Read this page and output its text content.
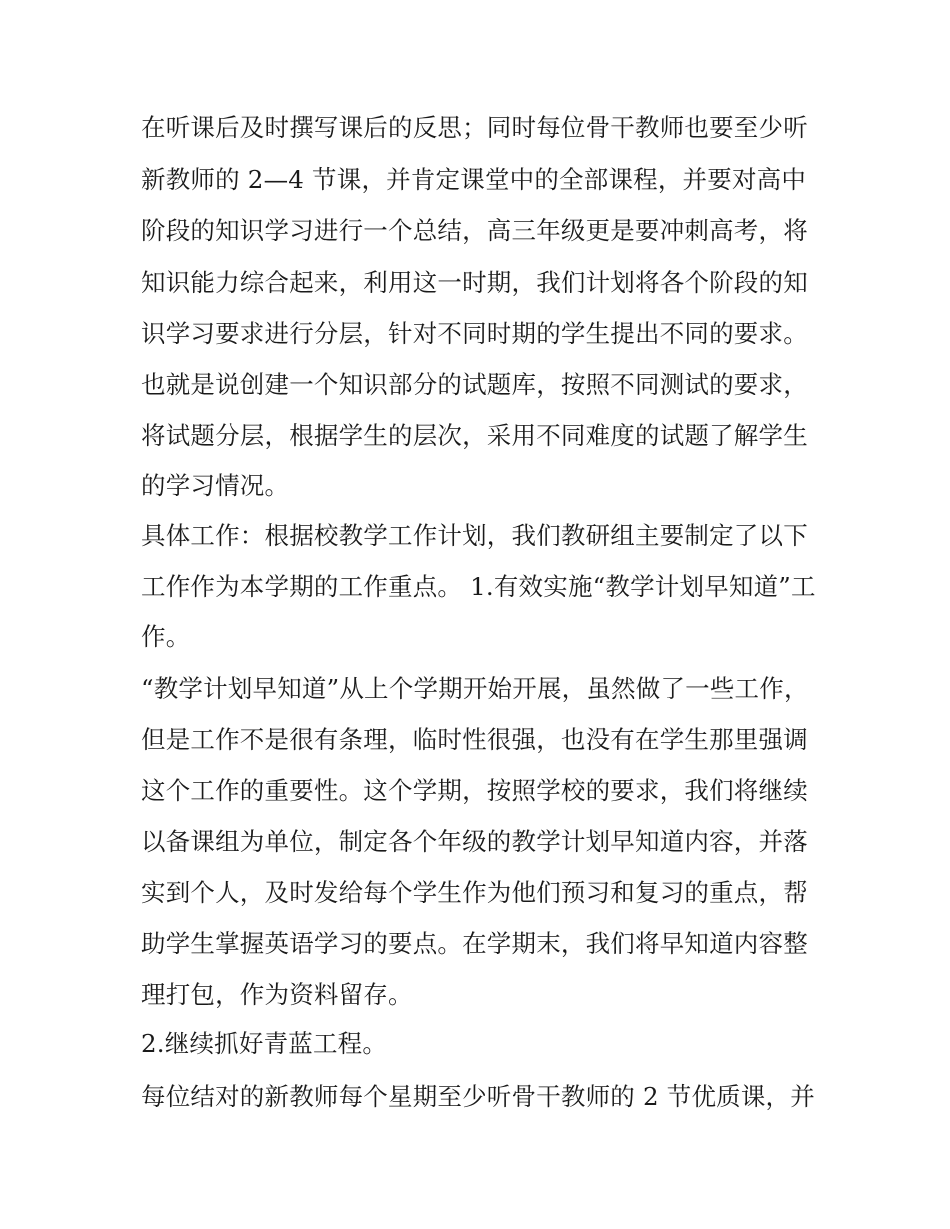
在听课后及时撰写课后的反思；同时每位骨干教师也要至少听
新教师的 2—4 节课，并肯定课堂中的全部课程，并要对高中
阶段的知识学习进行一个总结，高三年级更是要冲刺高考，将
知识能力综合起来，利用这一时期，我们计划将各个阶段的知
识学习要求进行分层，针对不同时期的学生提出不同的要求。
也就是说创建一个知识部分的试题库，按照不同测试的要求，
将试题分层，根据学生的层次，采用不同难度的试题了解学生
的学习情况。
具体工作：根据校教学工作计划，我们教研组主要制定了以下
工作作为本学期的工作重点。 1.有效实施“教学计划早知道”工
作。
“教学计划早知道”从上个学期开始开展，虽然做了一些工作，
但是工作不是很有条理，临时性很强，也没有在学生那里强调
这个工作的重要性。这个学期，按照学校的要求，我们将继续
以备课组为单位，制定各个年级的教学计划早知道内容，并落
实到个人，及时发给每个学生作为他们预习和复习的重点，帮
助学生掌握英语学习的要点。在学期末，我们将早知道内容整
理打包，作为资料留存。
2.继续抓好青蓝工程。
每位结对的新教师每个星期至少听骨干教师的 2 节优质课，并
